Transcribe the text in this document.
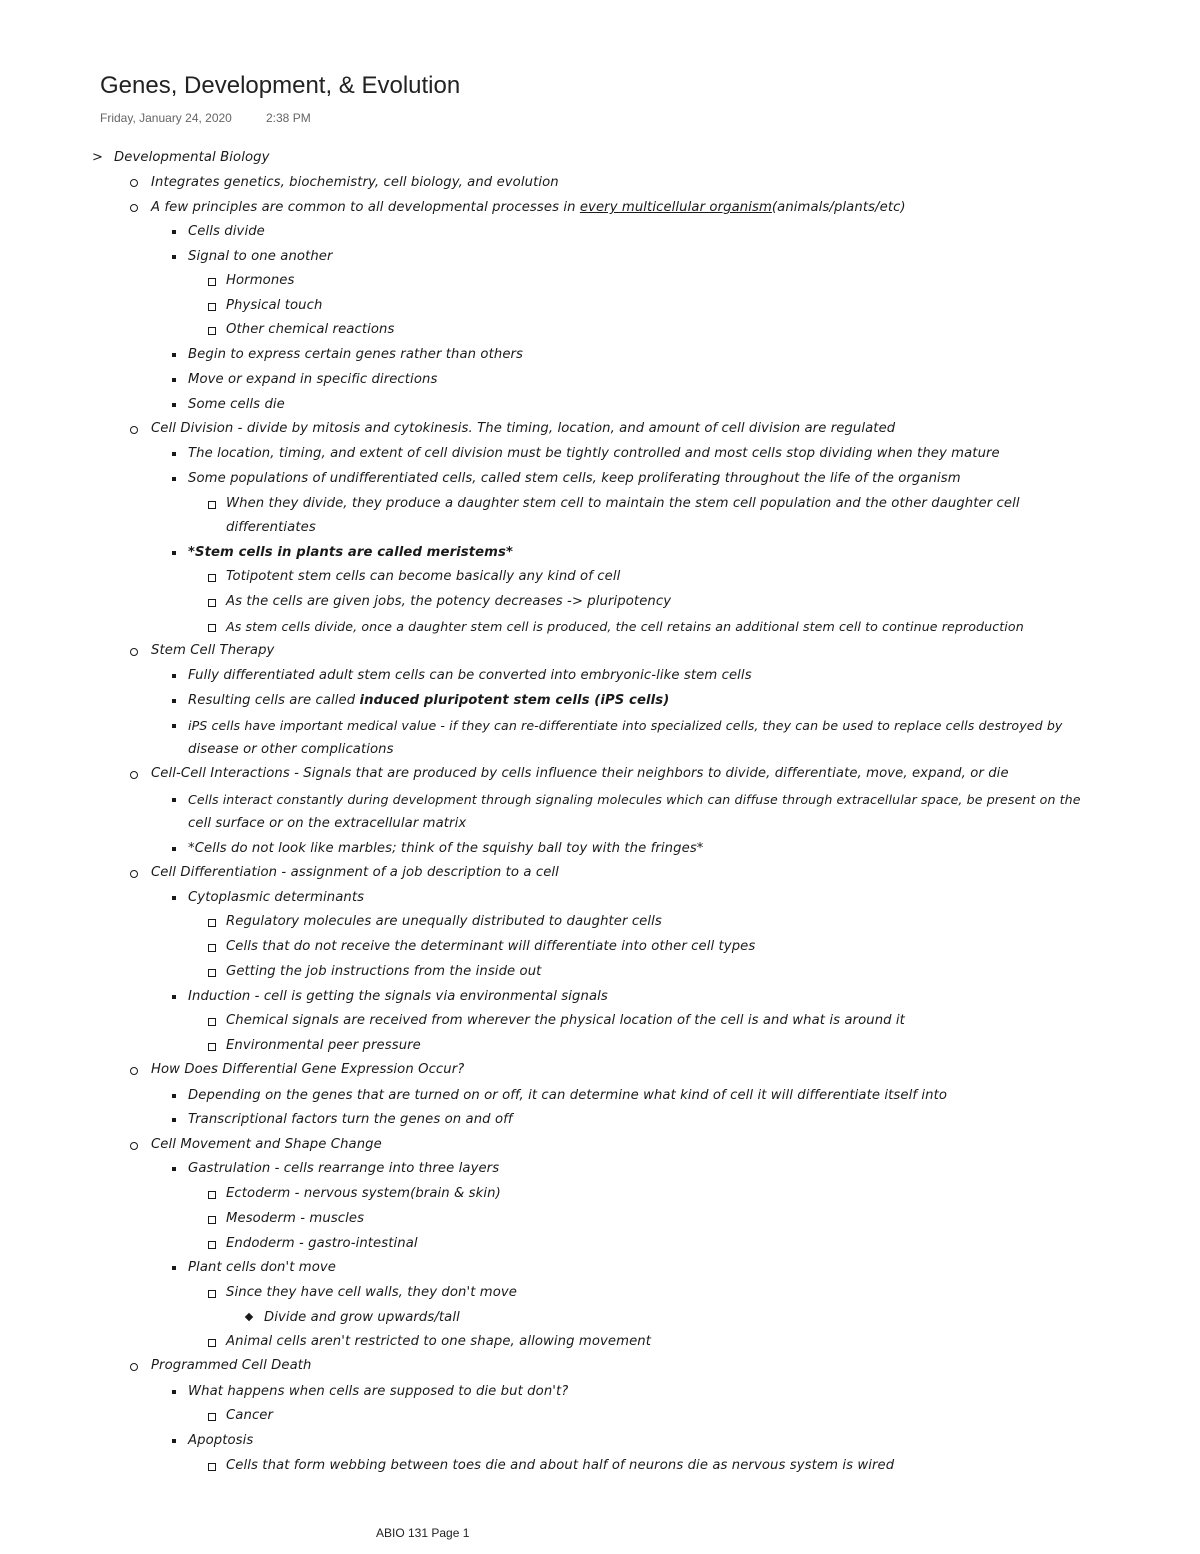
Genes, Development, & Evolution
Friday, January 24, 2020	2:38 PM
> Developmental Biology
Integrates genetics, biochemistry, cell biology, and evolution
A few principles are common to all developmental processes in every multicellular organism(animals/plants/etc)
Cells divide
Signal to one another
Hormones
Physical touch
Other chemical reactions
Begin to express certain genes rather than others
Move or expand in specific directions
Some cells die
Cell Division - divide by mitosis and cytokinesis. The timing, location, and amount of cell division are regulated
The location, timing, and extent of cell division must be tightly controlled and most cells stop dividing when they mature
Some populations of undifferentiated cells, called stem cells, keep proliferating throughout the life of the organism
When they divide, they produce a daughter stem cell to maintain the stem cell population and the other daughter cell
differentiates
*Stem cells in plants are called meristems*
Totipotent stem cells can become basically any kind of cell
As the cells are given jobs, the potency decreases -> pluripotency
As stem cells divide, once a daughter stem cell is produced, the cell retains an additional stem cell to continue reproduction
Stem Cell Therapy
Fully differentiated adult stem cells can be converted into embryonic-like stem cells
Resulting cells are called induced pluripotent stem cells (iPS cells)
iPS cells have important medical value - if they can re-differentiate into specialized cells, they can be used to replace cells destroyed by
disease or other complications
Cell-Cell Interactions - Signals that are produced by cells influence their neighbors to divide, differentiate, move, expand, or die
Cells interact constantly during development through signaling molecules which can diffuse through extracellular space, be present on the
cell surface or on the extracellular matrix
*Cells do not look like marbles; think of the squishy ball toy with the fringes*
Cell Differentiation - assignment of a job description to a cell
Cytoplasmic determinants
Regulatory molecules are unequally distributed to daughter cells
Cells that do not receive the determinant will differentiate into other cell types
Getting the job instructions from the inside out
Induction - cell is getting the signals via environmental signals
Chemical signals are received from wherever the physical location of the cell is and what is around it
Environmental peer pressure
How Does Differential Gene Expression Occur?
Depending on the genes that are turned on or off, it can determine what kind of cell it will differentiate itself into
Transcriptional factors turn the genes on and off
Cell Movement and Shape Change
Gastrulation - cells rearrange into three layers
Ectoderm - nervous system(brain & skin)
Mesoderm - muscles
Endoderm - gastro-intestinal
Plant cells don't move
Since they have cell walls, they don't move
Divide and grow upwards/tall
Animal cells aren't restricted to one shape, allowing movement
Programmed Cell Death
What happens when cells are supposed to die but don't?
Cancer
Apoptosis
Cells that form webbing between toes die and about half of neurons die as nervous system is wired
ABIO 131 Page 1
